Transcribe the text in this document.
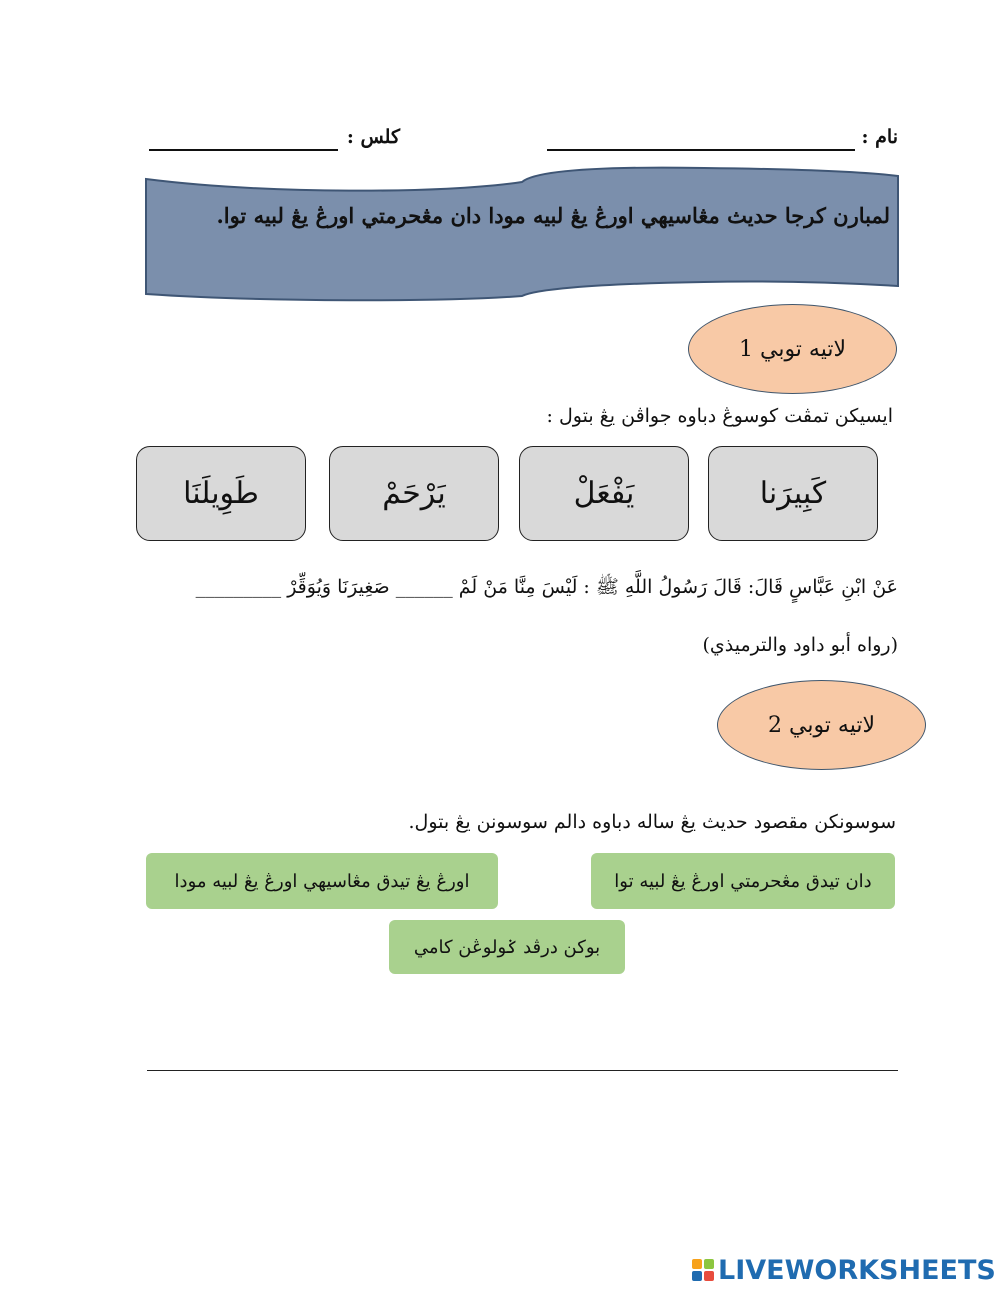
نام :
كلس :
لمبارن كرجا حديث مڠاسيهي اورڠ يڠ لبيه مودا دان مڠحرمتي اورڠ يڠ لبيه توا.
لاتيه توبي 1
ايسيكن تمڤت كوسوڠ دباوه جواڤن يڠ بتول :
كَبِيرَنا
يَفْعَلْ
يَرْحَمْ
طَوِيلَنَا
عَنْ ابْنِ عَبَّاسٍ قَالَ: قَالَ رَسُولُ اللَّهِ ﷺ : لَيْسَ مِنَّا مَنْ لَمْ ______ صَغِيرَنَا وَيُوَقِّرْ _________
(رواه أبو داود والترميذي)
لاتيه توبي 2
سوسونكن مقصود حديث يڠ ساله دباوه دالم سوسونن يڠ بتول.
دان تيدق مڠحرمتي اورڠ يڠ لبيه توا
اورڠ يڠ تيدق مڠاسيهي اورڠ يڠ لبيه مودا
بوكن درڤد ݢولوڠن كامي
LIVEWORKSHEETS
